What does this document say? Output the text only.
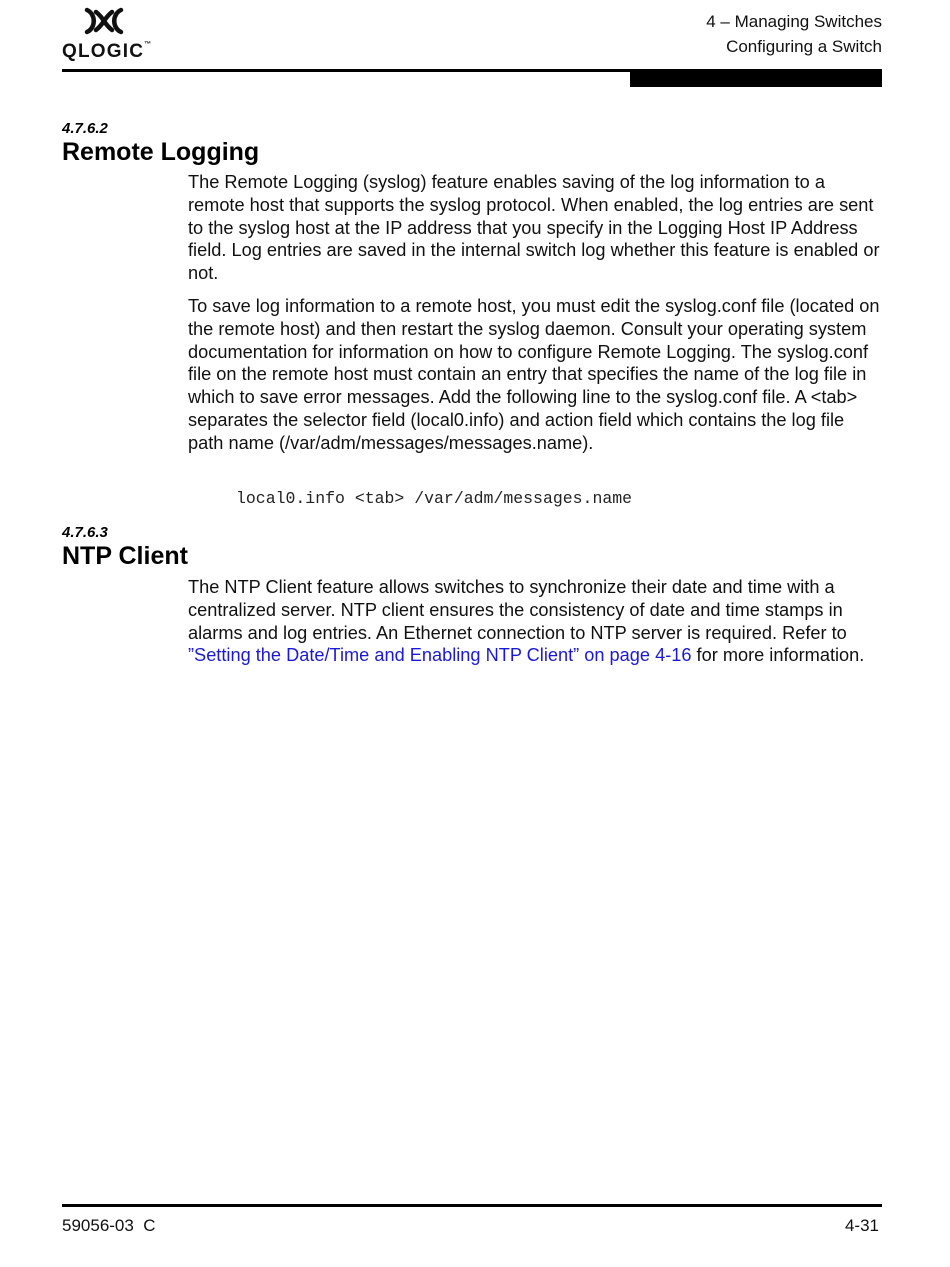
QLOGIC™
4 – Managing Switches
Configuring a Switch
4.7.6.2
Remote Logging

The Remote Logging (syslog) feature enables saving of the log information to a remote host that supports the syslog protocol. When enabled, the log entries are sent to the syslog host at the IP address that you specify in the Logging Host IP Address field. Log entries are saved in the internal switch log whether this feature is enabled or not.

To save log information to a remote host, you must edit the syslog.conf file (located on the remote host) and then restart the syslog daemon. Consult your operating system documentation for information on how to configure Remote Logging. The syslog.conf file on the remote host must contain an entry that specifies the name of the log file in which to save error messages. Add the following line to the syslog.conf file. A <tab> separates the selector field (local0.info) and action field which contains the log file path name (/var/adm/messages/messages.name).

local0.info <tab> /var/adm/messages.name
4.7.6.3
NTP Client

The NTP Client feature allows switches to synchronize their date and time with a centralized server. NTP client ensures the consistency of date and time stamps in alarms and log entries. An Ethernet connection to NTP server is required. Refer to ”Setting the Date/Time and Enabling NTP Client” on page 4-16 for more information.

59056-03  C	4-31
